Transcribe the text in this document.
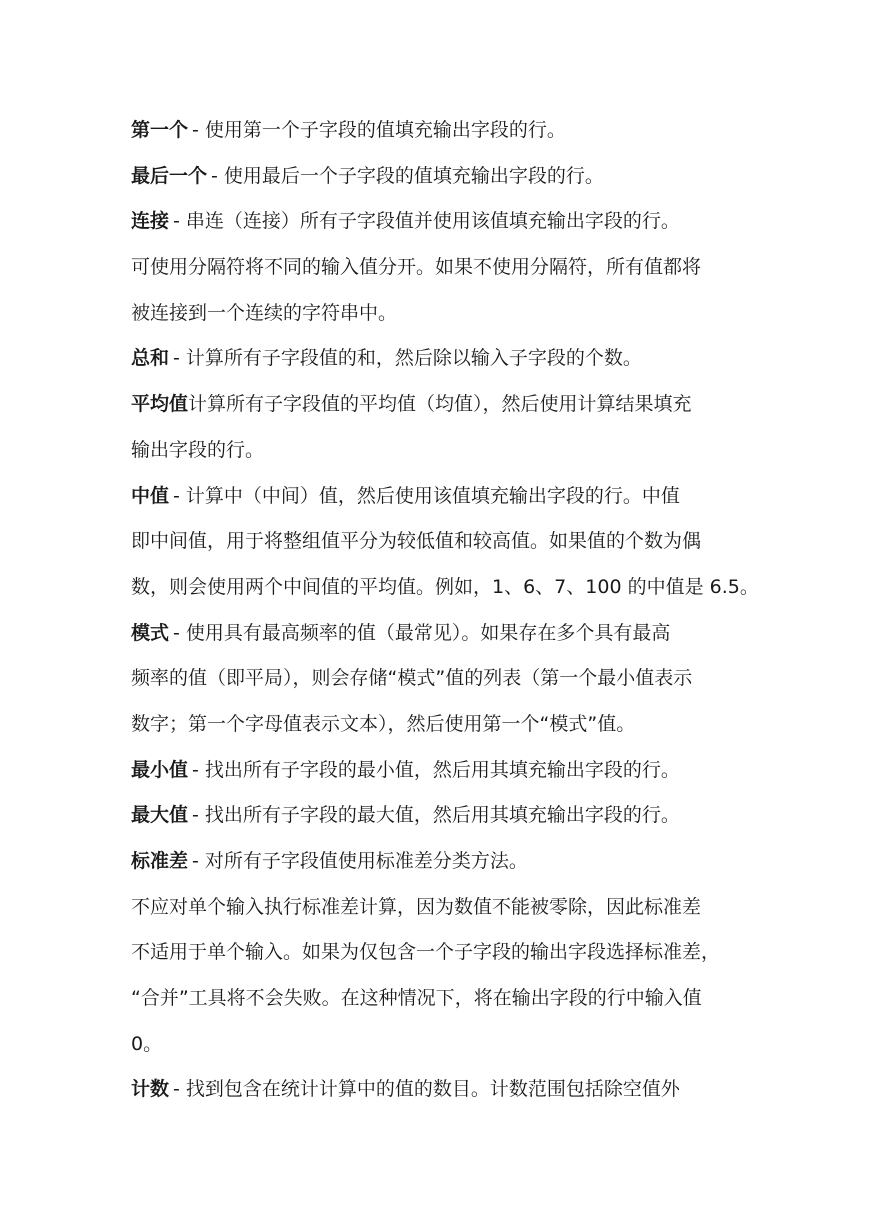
第一个 - 使用第一个子字段的值填充输出字段的行。
最后一个 - 使用最后一个子字段的值填充输出字段的行。
连接 - 串连（连接）所有子字段值并使用该值填充输出字段的行。
可使用分隔符将不同的输入值分开。如果不使用分隔符，所有值都将
被连接到一个连续的字符串中。
总和 - 计算所有子字段值的和，然后除以输入子字段的个数。
平均值计算所有子字段值的平均值（均值），然后使用计算结果填充
输出字段的行。
中值 - 计算中（中间）值，然后使用该值填充输出字段的行。中值
即中间值，用于将整组值平分为较低值和较高值。如果值的个数为偶
数，则会使用两个中间值的平均值。例如，1、6、7、100 的中值是 6.5。
模式 - 使用具有最高频率的值（最常见）。如果存在多个具有最高
频率的值（即平局），则会存储“模式”值的列表（第一个最小值表示
数字；第一个字母值表示文本），然后使用第一个“模式”值。
最小值 - 找出所有子字段的最小值，然后用其填充输出字段的行。
最大值 - 找出所有子字段的最大值，然后用其填充输出字段的行。
标准差 - 对所有子字段值使用标准差分类方法。
不应对单个输入执行标准差计算，因为数值不能被零除，因此标准差
不适用于单个输入。如果为仅包含一个子字段的输出字段选择标准差，
“合并”工具将不会失败。在这种情况下，将在输出字段的行中输入值
0。
计数 - 找到包含在统计计算中的值的数目。计数范围包括除空值外
